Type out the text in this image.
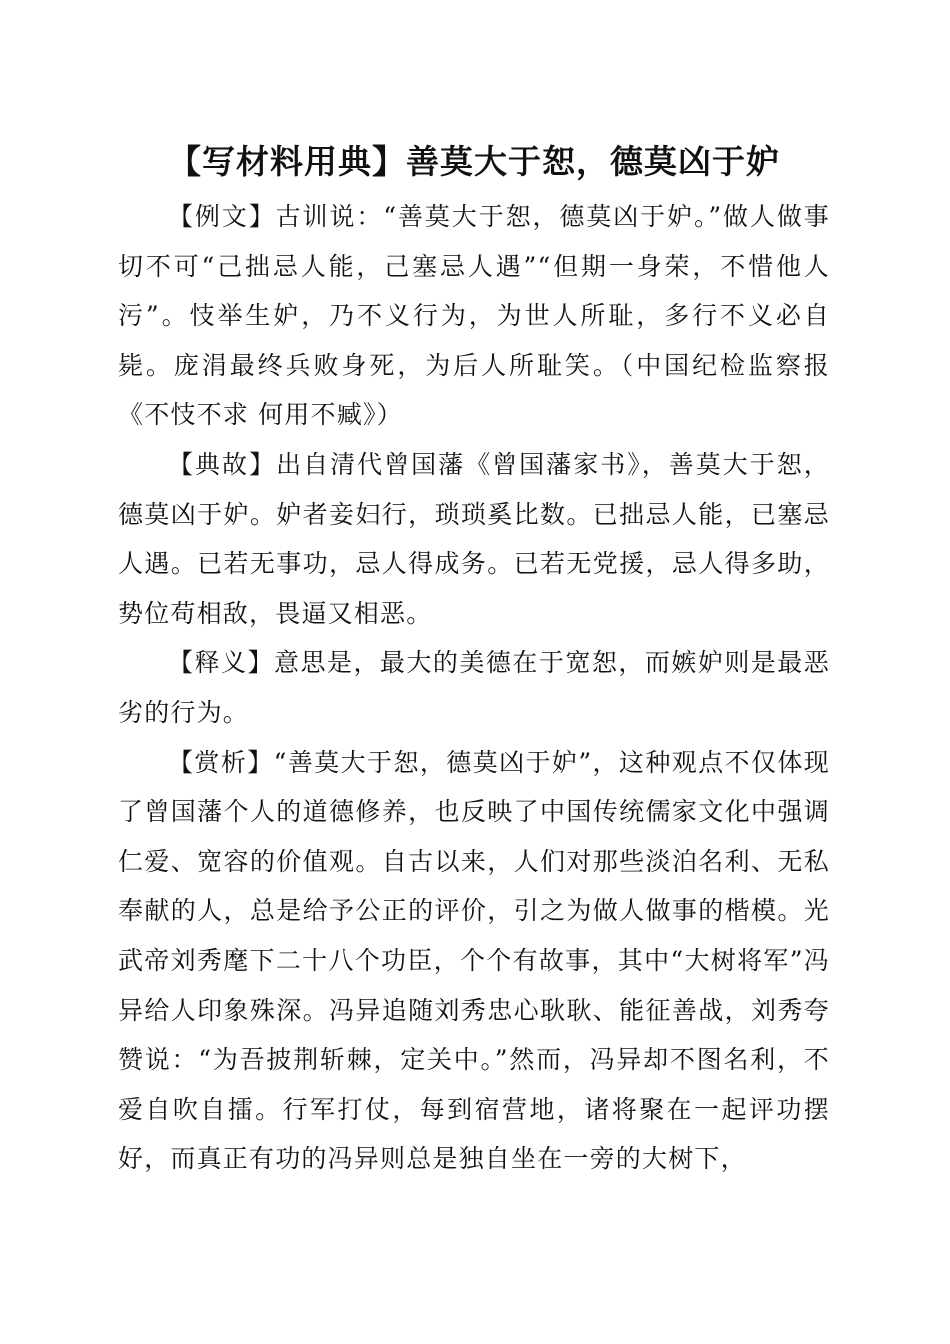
【写材料用典】善莫大于恕，德莫凶于妒

【例文】古训说：“善莫大于恕，德莫凶于妒。”做人做事切不可“己拙忌人能，己塞忌人遇”“但期一身荣，不惜他人污”。忮举生妒，乃不义行为，为世人所耻，多行不义必自毙。庞涓最终兵败身死，为后人所耻笑。（中国纪检监察报《不忮不求 何用不臧》）

【典故】出自清代曾国藩《曾国藩家书》，善莫大于恕，德莫凶于妒。妒者妾妇行，琐琐奚比数。已拙忌人能，已塞忌人遇。已若无事功，忌人得成务。已若无党援，忌人得多助，势位苟相敌，畏逼又相恶。

【释义】意思是，最大的美德在于宽恕，而嫉妒则是最恶劣的行为。

【赏析】“善莫大于恕，德莫凶于妒”，这种观点不仅体现了曾国藩个人的道德修养，也反映了中国传统儒家文化中强调仁爱、宽容的价值观。自古以来，人们对那些淡泊名利、无私奉献的人，总是给予公正的评价，引之为做人做事的楷模。光武帝刘秀麾下二十八个功臣，个个有故事，其中“大树将军”冯异给人印象殊深。冯异追随刘秀忠心耿耿、能征善战，刘秀夸赞说：“为吾披荆斩棘，定关中。”然而，冯异却不图名利，不爱自吹自擂。行军打仗，每到宿营地，诸将聚在一起评功摆好，而真正有功的冯异则总是独自坐在一旁的大树下，
